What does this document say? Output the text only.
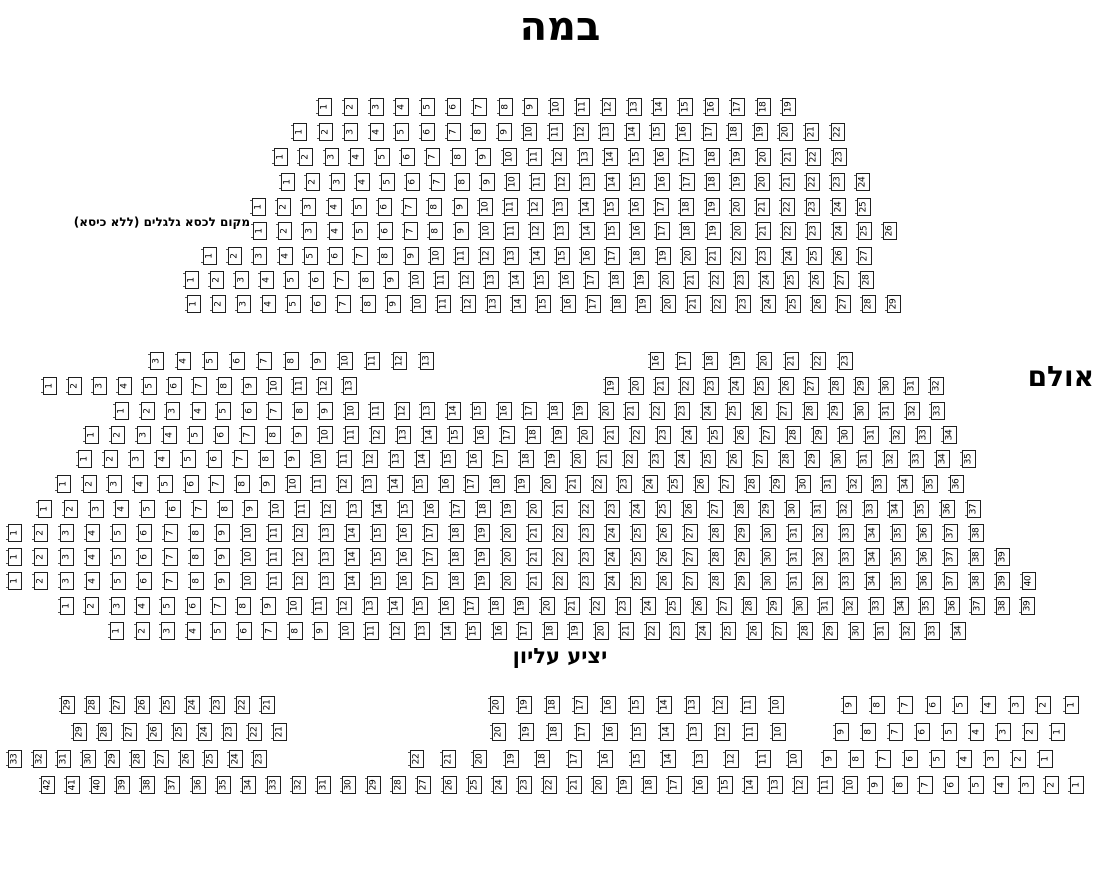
במה
אולם
מקום לכסא גלגלים (ללא כיסא)
יציע עליון
1 2 3 4 5 6 7 8 9 10 11 12 13 14 15 16 17 18 19
1 2 3 4 5 6 7 8 9 10 11 12 13 14 15 16 17 18 19 20 21 22
1 2 3 4 5 6 7 8 9 10 11 12 13 14 15 16 17 18 19 20 21 22 23
1 2 3 4 5 6 7 8 9 10 11 12 13 14 15 16 17 18 19 20 21 22 23 24
1 2 3 4 5 6 7 8 9 10 11 12 13 14 15 16 17 18 19 20 21 22 23 24 25
1 2 3 4 5 6 7 8 9 10 11 12 13 14 15 16 17 18 19 20 21 22 23 24 25 26
1 2 3 4 5 6 7 8 9 10 11 12 13 14 15 16 17 18 19 20 21 22 23 24 25 26 27
1 2 3 4 5 6 7 8 9 10 11 12 13 14 15 16 17 18 19 20 21 22 23 24 25 26 27 28
1 2 3 4 5 6 7 8 9 10 11 12 13 14 15 16 17 18 19 20 21 22 23 24 25 26 27 28 29
3 4 5 6 7 8 9 10 11 12 13	16 17 18 19 20 21 22 23
1 2 3 4 5 6 7 8 9 10 11 12 13	19 20 21 22 23 24 25 26 27 28 29 30 31 32
1 2 3 4 5 6 7 8 9 10 11 12 13 14 15 16 17 18 19 20 21 22 23 24 25 26 27 28 29 30 31 32 33
1 2 3 4 5 6 7 8 9 10 11 12 13 14 15 16 17 18 19 20 21 22 23 24 25 26 27 28 29 30 31 32 33 34
1 2 3 4 5 6 7 8 9 10 11 12 13 14 15 16 17 18 19 20 21 22 23 24 25 26 27 28 29 30 31 32 33 34 35
1 2 3 4 5 6 7 8 9 10 11 12 13 14 15 16 17 18 19 20 21 22 23 24 25 26 27 28 29 30 31 32 33 34 35 36
1 2 3 4 5 6 7 8 9 10 11 12 13 14 15 16 17 18 19 20 21 22 23 24 25 26 27 28 29 30 31 32 33 34 35 36 37
1 2 3 4 5 6 7 8 9 10 11 12 13 14 15 16 17 18 19 20 21 22 23 24 25 26 27 28 29 30 31 32 33 34 35 36 37 38
1 2 3 4 5 6 7 8 9 10 11 12 13 14 15 16 17 18 19 20 21 22 23 24 25 26 27 28 29 30 31 32 33 34 35 36 37 38 39
1 2 3 4 5 6 7 8 9 10 11 12 13 14 15 16 17 18 19 20 21 22 23 24 25 26 27 28 29 30 31 32 33 34 35 36 37 38 39 40
1 2 3 4 5 6 7 8 9 10 11 12 13 14 15 16 17 18 19 20 21 22 23 24 25 26 27 28 29 30 31 32 33 34 35 36 37 38 39
1 2 3 4 5 6 7 8 9 10 11 12 13 14 15 16 17 18 19 20 21 22 23 24 25 26 27 28 29 30 31 32 33 34
1
2
3
4
5
6
7
8
9
10
11
12
13
14
15
16
17
18
19
20
21
22
23
24
25
26
27
28
29
1
2
3
4
5
6
7
8
9
10
11
12
13
14
15
16
17
18
19
20
21
22
23
24
25
26
27
28
29
1
2
3
4
5
6
7
8
9
10
11
12
13
14
15
16
17
18
19
20
21
22
23
24
25
26
27
28
29
30
31
32
33
1
2
3
4
5
6
7
8
9
10
11
12
13
14
15
16
17
18
19
20
21
22
23
24
25
26
27
28
29
30
31
32
33
34
35
36
37
38
39
40
41
42
